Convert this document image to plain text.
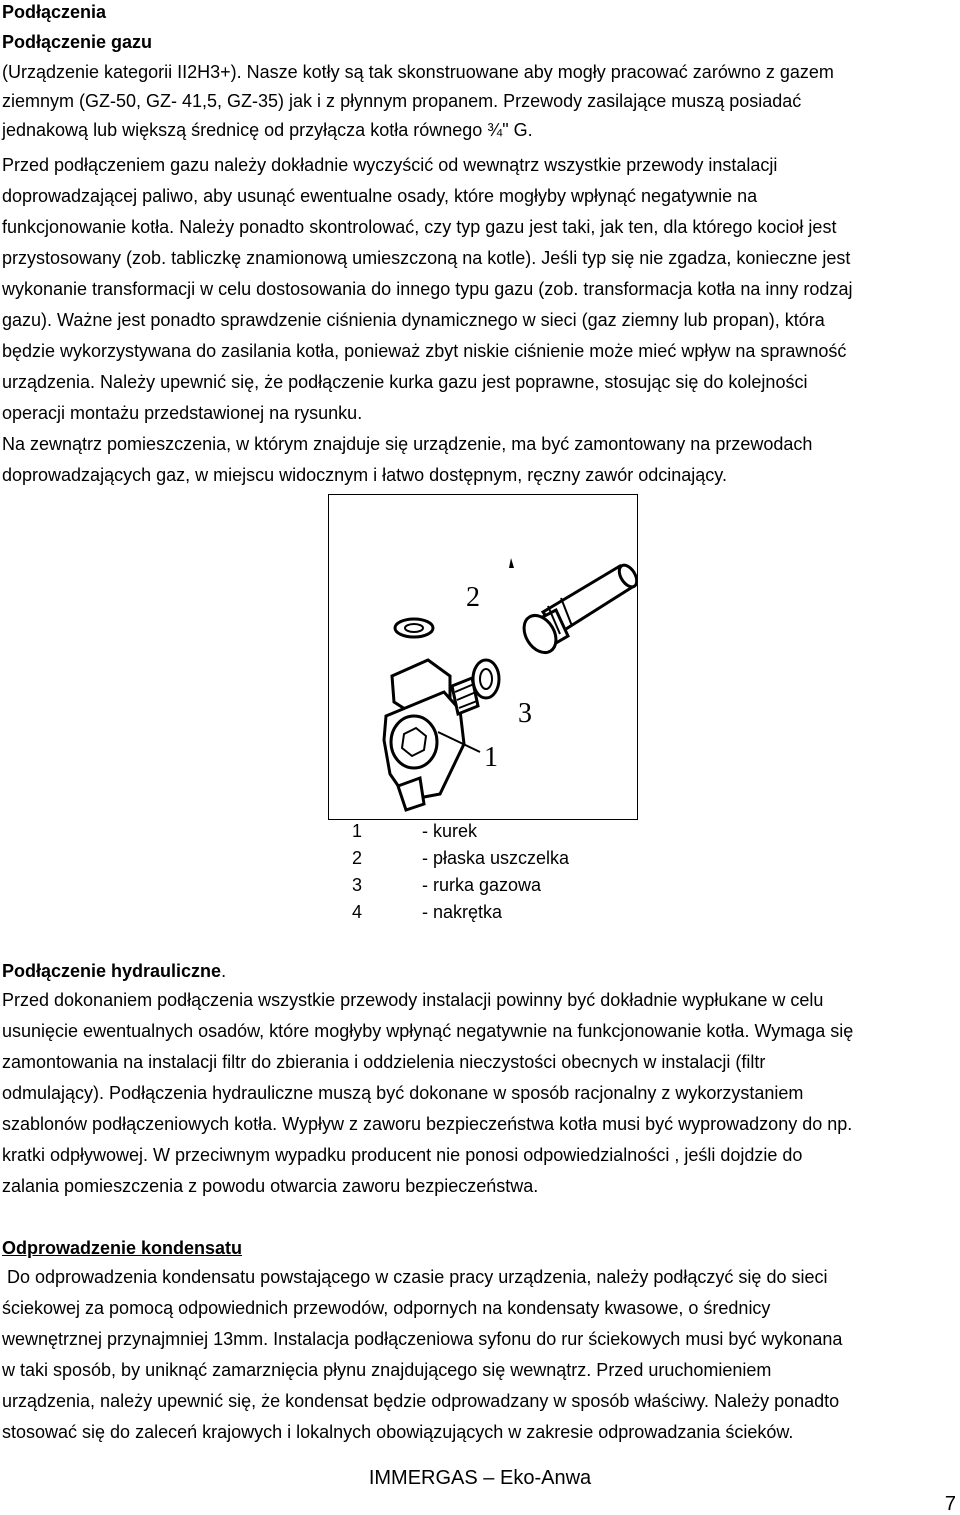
Podłączenia
Podłączenie gazu

(Urządzenie kategorii II2H3+). Nasze kotły są tak skonstruowane aby mogły pracować zarówno z gazem

ziemnym (GZ-50, GZ- 41,5, GZ-35) jak i z płynnym propanem. Przewody zasilające muszą posiadać

jednakową lub większą średnicę od przyłącza kotła równego ¾" G.

Przed podłączeniem gazu należy dokładnie wyczyścić od wewnątrz wszystkie przewody instalacji

doprowadzającej paliwo, aby usunąć ewentualne osady, które mogłyby wpłynąć negatywnie na

funkcjonowanie kotła. Należy ponadto skontrolować, czy typ gazu jest taki, jak ten, dla którego kocioł jest

przystosowany (zob. tabliczkę znamionową umieszczoną na kotle). Jeśli typ się nie zgadza, konieczne jest

wykonanie transformacji w celu dostosowania do innego typu gazu (zob. transformacja kotła na inny rodzaj

gazu). Ważne jest ponadto sprawdzenie ciśnienia dynamicznego w sieci (gaz ziemny lub propan), która

będzie wykorzystywana do zasilania kotła, ponieważ zbyt niskie ciśnienie może mieć wpływ na sprawność

urządzenia. Należy upewnić się, że podłączenie kurka gazu jest poprawne, stosując się do kolejności

operacji montażu przedstawionej na rysunku.

Na zewnątrz pomieszczenia, w którym znajduje się urządzenie, ma być zamontowany na przewodach

doprowadzających gaz, w miejscu widocznym i łatwo dostępnym, ręczny zawór odcinający.

2
3
1
1	- kurek
2	- płaska uszczelka
3	- rurka gazowa
4	- nakrętka
Podłączenie hydrauliczne.

Przed dokonaniem podłączenia wszystkie przewody instalacji powinny być dokładnie wypłukane w celu

usunięcie ewentualnych osadów, które mogłyby wpłynąć negatywnie na funkcjonowanie kotła. Wymaga się

zamontowania na instalacji filtr do zbierania i oddzielenia nieczystości obecnych w instalacji (filtr

odmulający). Podłączenia hydrauliczne muszą być dokonane w sposób racjonalny z wykorzystaniem

szablonów podłączeniowych kotła. Wypływ z zaworu bezpieczeństwa kotła musi być wyprowadzony do np.

kratki odpływowej. W przeciwnym wypadku producent nie ponosi odpowiedzialności , jeśli dojdzie do

zalania pomieszczenia z powodu otwarcia zaworu bezpieczeństwa.

Odprowadzenie kondensatu

Do odprowadzenia kondensatu powstającego w czasie pracy urządzenia, należy podłączyć się do sieci

ściekowej za pomocą odpowiednich przewodów, odpornych na kondensaty kwasowe, o średnicy

wewnętrznej przynajmniej 13mm. Instalacja podłączeniowa syfonu do rur ściekowych musi być wykonana

w taki sposób, by uniknąć zamarznięcia płynu znajdującego się wewnątrz. Przed uruchomieniem

urządzenia, należy upewnić się, że kondensat będzie odprowadzany w sposób właściwy. Należy ponadto

stosować się do zaleceń krajowych i lokalnych obowiązujących w zakresie odprowadzania ścieków.

IMMERGAS – Eko-Anwa
7
